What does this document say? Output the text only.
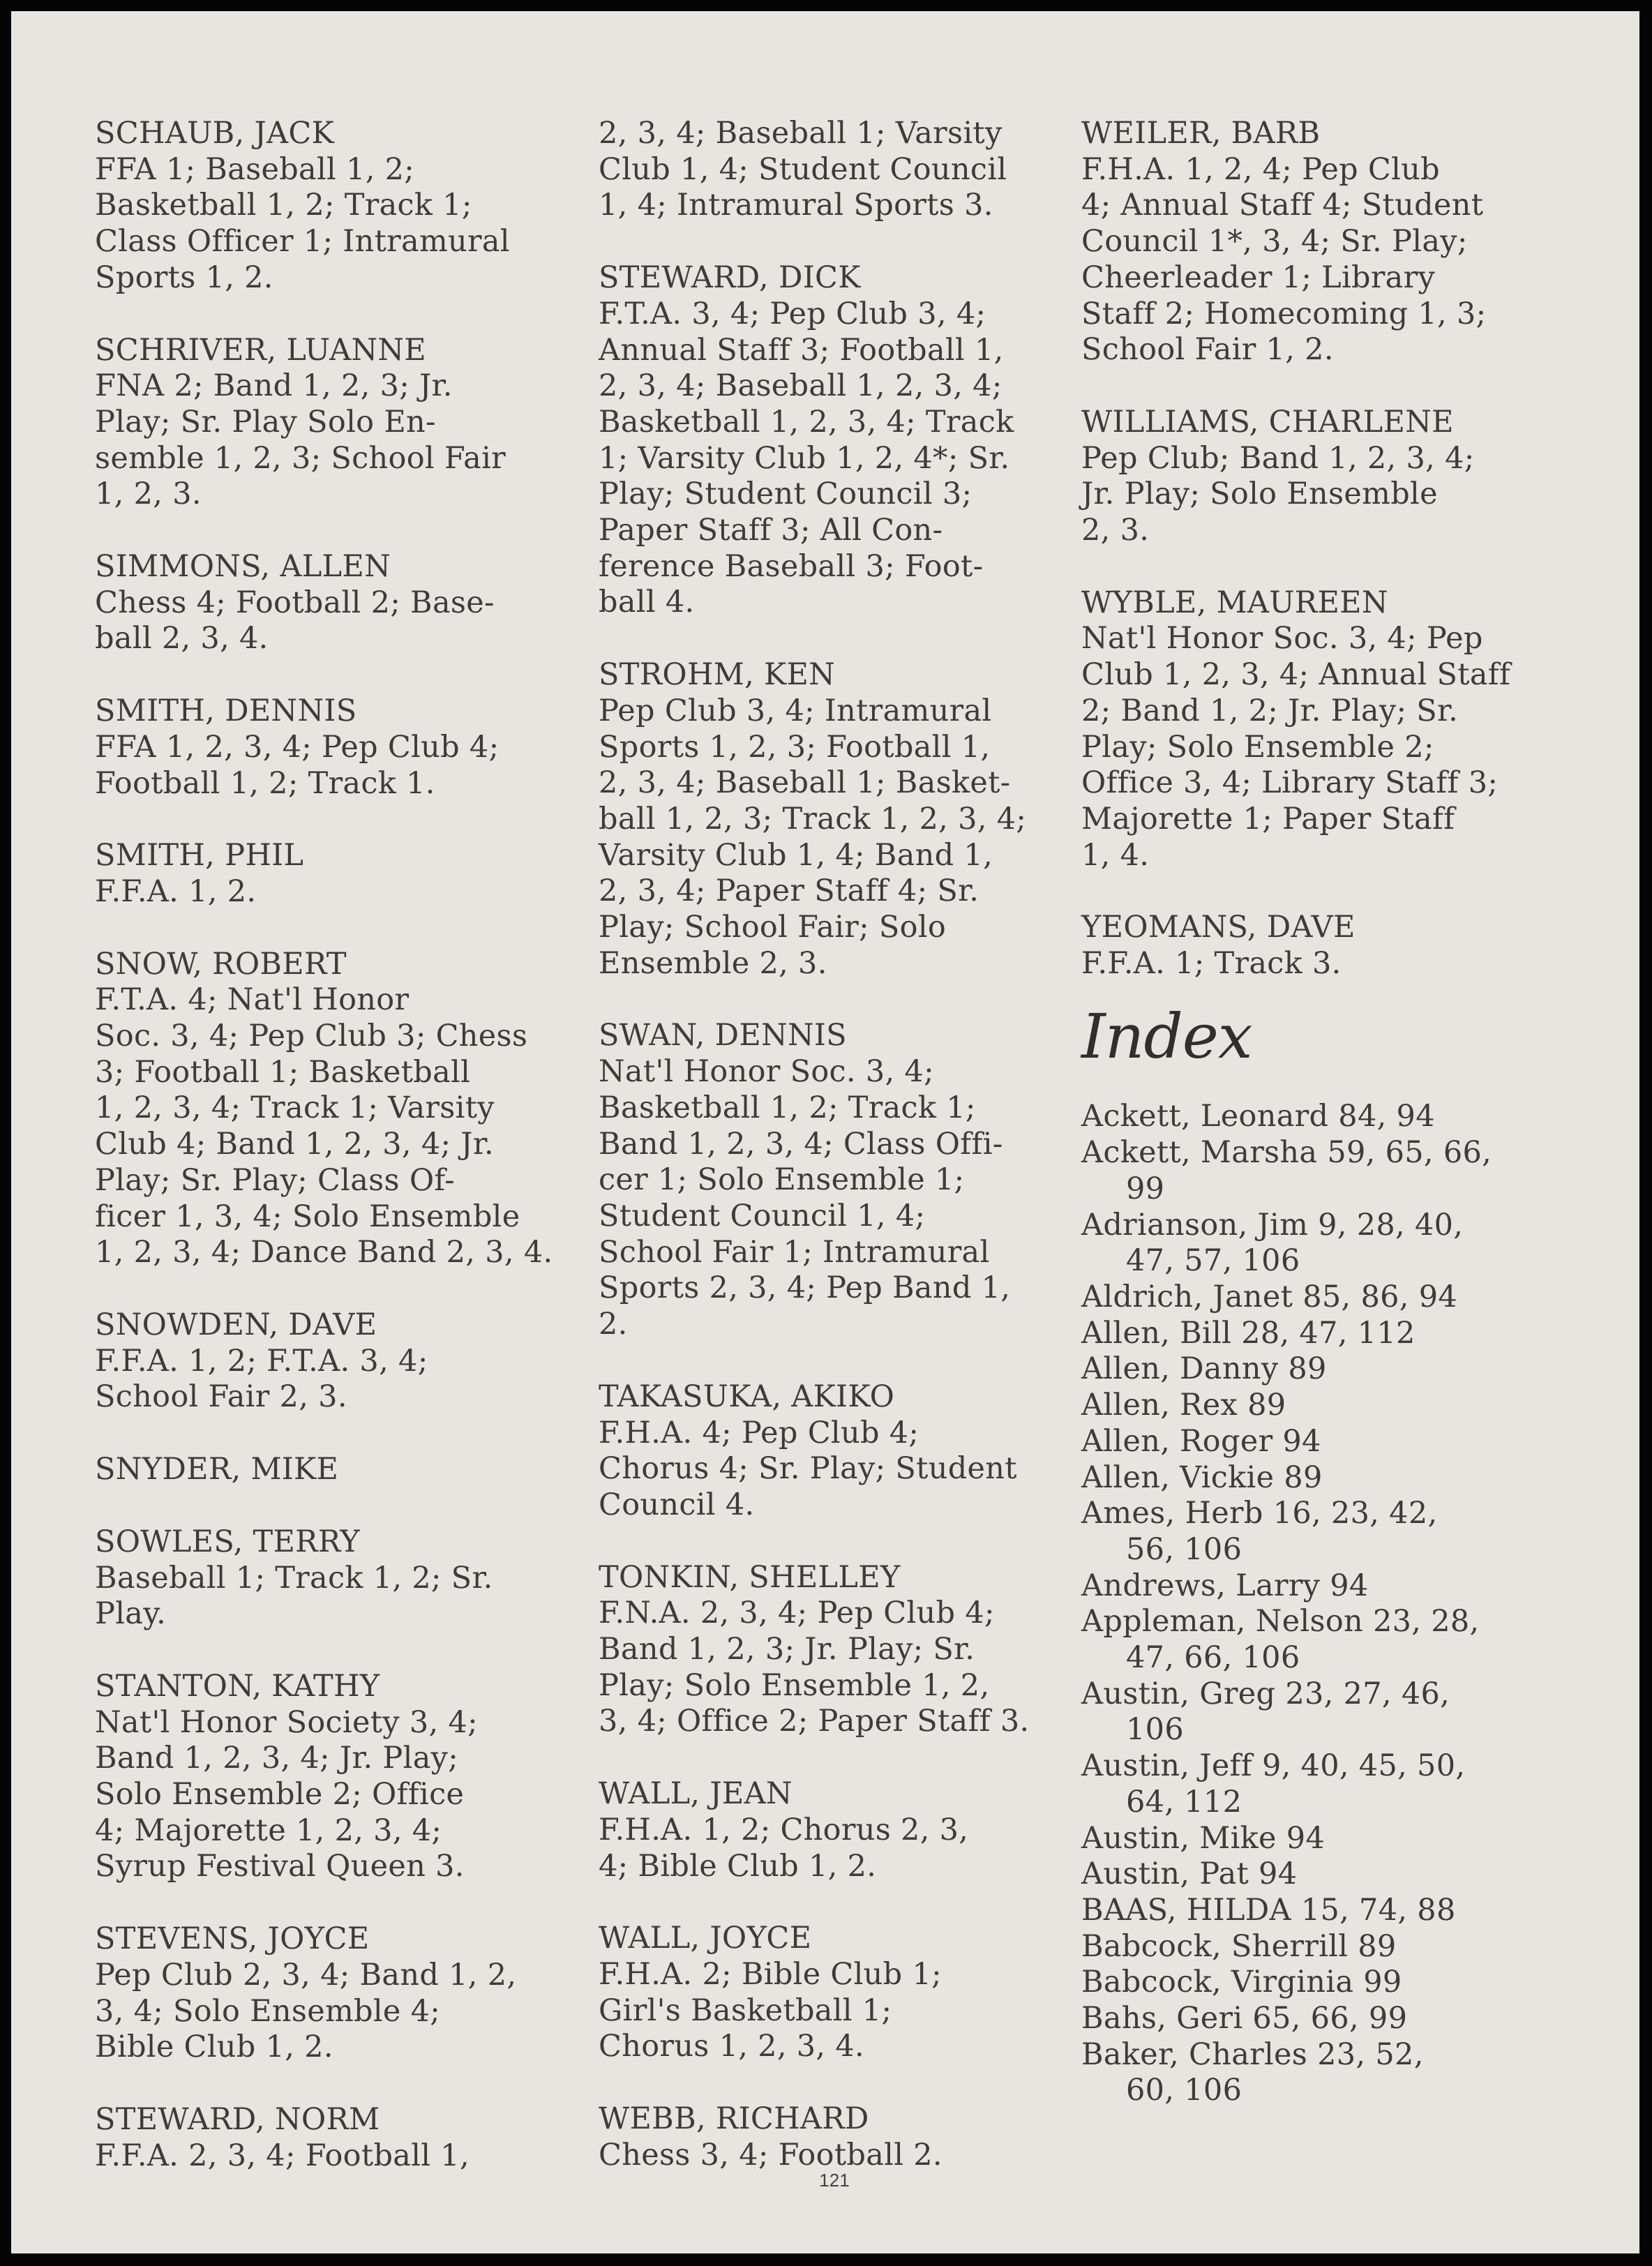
SCHAUB, JACK
FFA 1; Baseball 1, 2;
Basketball 1, 2; Track 1;
Class Officer 1; Intramural
Sports 1, 2.
SCHRIVER, LUANNE
FNA 2; Band 1, 2, 3; Jr.
Play; Sr. Play Solo En-
semble 1, 2, 3; School Fair
1, 2, 3.
SIMMONS, ALLEN
Chess 4; Football 2; Base-
ball 2, 3, 4.
SMITH, DENNIS
FFA 1, 2, 3, 4; Pep Club 4;
Football 1, 2; Track 1.
SMITH, PHIL
F.F.A. 1, 2.
SNOW, ROBERT
F.T.A. 4; Nat'l Honor
Soc. 3, 4; Pep Club 3; Chess
3; Football 1; Basketball
1, 2, 3, 4; Track 1; Varsity
Club 4; Band 1, 2, 3, 4; Jr.
Play; Sr. Play; Class Of-
ficer 1, 3, 4; Solo Ensemble
1, 2, 3, 4; Dance Band 2, 3, 4.
SNOWDEN, DAVE
F.F.A. 1, 2; F.T.A. 3, 4;
School Fair 2, 3.
SNYDER, MIKE
SOWLES, TERRY
Baseball 1; Track 1, 2; Sr.
Play.
STANTON, KATHY
Nat'l Honor Society 3, 4;
Band 1, 2, 3, 4; Jr. Play;
Solo Ensemble 2; Office
4; Majorette 1, 2, 3, 4;
Syrup Festival Queen 3.
STEVENS, JOYCE
Pep Club 2, 3, 4; Band 1, 2,
3, 4; Solo Ensemble 4;
Bible Club 1, 2.
STEWARD, NORM
F.F.A. 2, 3, 4; Football 1,
2, 3, 4; Baseball 1; Varsity
Club 1, 4; Student Council
1, 4; Intramural Sports 3.
STEWARD, DICK
F.T.A. 3, 4; Pep Club 3, 4;
Annual Staff 3; Football 1,
2, 3, 4; Baseball 1, 2, 3, 4;
Basketball 1, 2, 3, 4; Track
1; Varsity Club 1, 2, 4*; Sr.
Play; Student Council 3;
Paper Staff 3; All Con-
ference Baseball 3; Foot-
ball 4.
STROHM, KEN
Pep Club 3, 4; Intramural
Sports 1, 2, 3; Football 1,
2, 3, 4; Baseball 1; Basket-
ball 1, 2, 3; Track 1, 2, 3, 4;
Varsity Club 1, 4; Band 1,
2, 3, 4; Paper Staff 4; Sr.
Play; School Fair; Solo
Ensemble 2, 3.
SWAN, DENNIS
Nat'l Honor Soc. 3, 4;
Basketball 1, 2; Track 1;
Band 1, 2, 3, 4; Class Offi-
cer 1; Solo Ensemble 1;
Student Council 1, 4;
School Fair 1; Intramural
Sports 2, 3, 4; Pep Band 1,
2.
TAKASUKA, AKIKO
F.H.A. 4; Pep Club 4;
Chorus 4; Sr. Play; Student
Council 4.
TONKIN, SHELLEY
F.N.A. 2, 3, 4; Pep Club 4;
Band 1, 2, 3; Jr. Play; Sr.
Play; Solo Ensemble 1, 2,
3, 4; Office 2; Paper Staff 3.
WALL, JEAN
F.H.A. 1, 2; Chorus 2, 3,
4; Bible Club 1, 2.
WALL, JOYCE
F.H.A. 2; Bible Club 1;
Girl's Basketball 1;
Chorus 1, 2, 3, 4.
WEBB, RICHARD
Chess 3, 4; Football 2.
WEILER, BARB
F.H.A. 1, 2, 4; Pep Club
4; Annual Staff 4; Student
Council 1*, 3, 4; Sr. Play;
Cheerleader 1; Library
Staff 2; Homecoming 1, 3;
School Fair 1, 2.
WILLIAMS, CHARLENE
Pep Club; Band 1, 2, 3, 4;
Jr. Play; Solo Ensemble
2, 3.
WYBLE, MAUREEN
Nat'l Honor Soc. 3, 4; Pep
Club 1, 2, 3, 4; Annual Staff
2; Band 1, 2; Jr. Play; Sr.
Play; Solo Ensemble 2;
Office 3, 4; Library Staff 3;
Majorette 1; Paper Staff
1, 4.
YEOMANS, DAVE
F.F.A. 1; Track 3.
Index
Ackett, Leonard 84, 94
Ackett, Marsha 59, 65, 66,
99
Adrianson, Jim 9, 28, 40,
47, 57, 106
Aldrich, Janet 85, 86, 94
Allen, Bill 28, 47, 112
Allen, Danny 89
Allen, Rex 89
Allen, Roger 94
Allen, Vickie 89
Ames, Herb 16, 23, 42,
56, 106
Andrews, Larry 94
Appleman, Nelson 23, 28,
47, 66, 106
Austin, Greg 23, 27, 46,
106
Austin, Jeff 9, 40, 45, 50,
64, 112
Austin, Mike 94
Austin, Pat 94
BAAS, HILDA 15, 74, 88
Babcock, Sherrill 89
Babcock, Virginia 99
Bahs, Geri 65, 66, 99
Baker, Charles 23, 52,
60, 106
121
